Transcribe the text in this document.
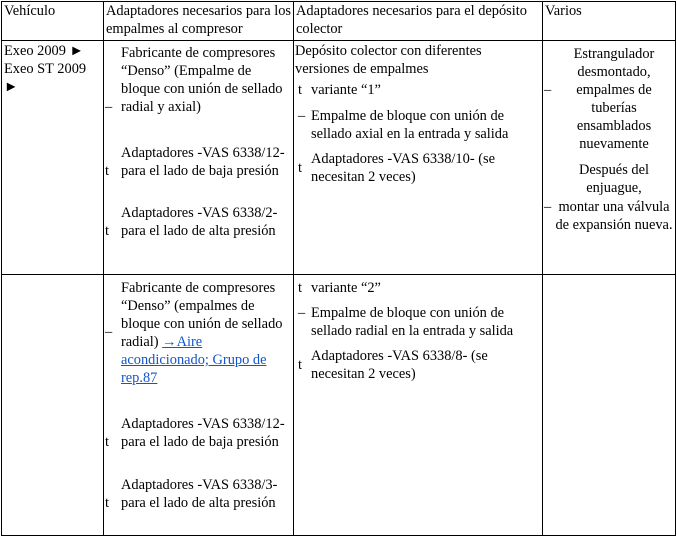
Vehículo	Adaptadores necesarios para los empalmes al compresor
Adaptadores necesarios para el depósito colector
Varios
Exeo 2009 ►
Exeo ST 2009 ►
–
Fabricante de compresores “Denso” (Empalme de bloque con unión de sellado radial y axial)
t
Adaptadores -VAS 6338/12- para el lado de baja presión
t
Adaptadores -VAS 6338/2- para el lado de alta presión
Depósito colector con diferentes versiones de empalmes
t variante “1”
– Empalme de bloque con unión de sellado axial en la entrada y salida
t
Adaptadores -VAS 6338/10- (se necesitan 2 veces)
Estrangulador desmontado,
–	empalmes de tuberías ensamblados nuevamente
Después del enjuague,
– montar una válvula de expansión nueva.
–
Fabricante de compresores “Denso” (empalmes de bloque con unión de sellado radial) →Aire acondicionado; Grupo de rep.87
t
Adaptadores -VAS 6338/12- para el lado de baja presión
t
Adaptadores -VAS 6338/3- para el lado de alta presión
t variante “2”
– Empalme de bloque con unión de sellado radial en la entrada y salida
t
Adaptadores -VAS 6338/8- (se necesitan 2 veces)
